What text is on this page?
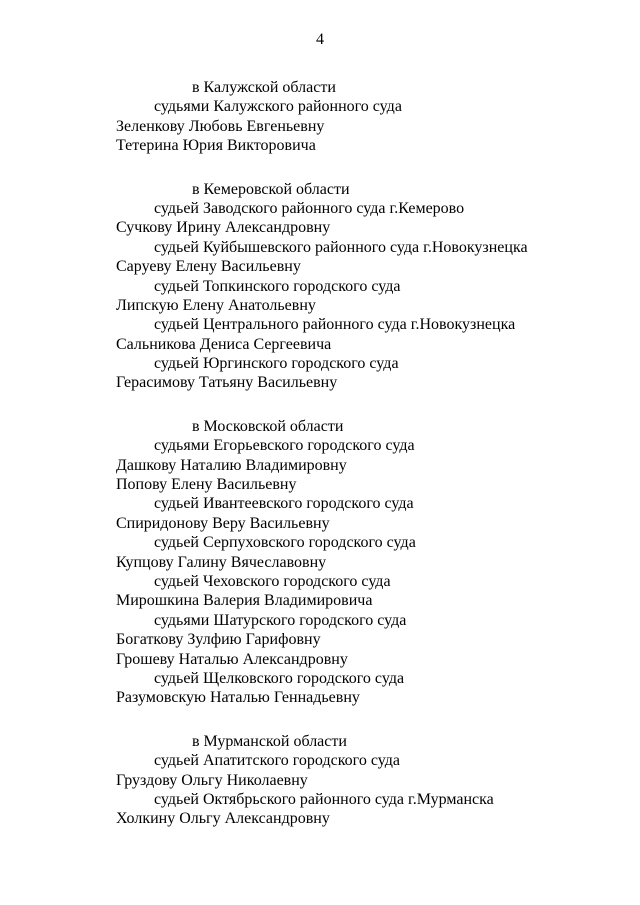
4
в Калужской области
судьями Калужского районного суда
Зеленкову Любовь Евгеньевну
Тетерина Юрия Викторовича
в Кемеровской области
судьей Заводского районного суда г.Кемерово
Сучкову Ирину Александровну
судьей Куйбышевского районного суда г.Новокузнецка
Саруеву Елену Васильевну
судьей Топкинского городского суда
Липскую Елену Анатольевну
судьей Центрального районного суда г.Новокузнецка
Сальникова Дениса Сергеевича
судьей Юргинского городского суда
Герасимову Татьяну Васильевну
в Московской области
судьями Егорьевского городского суда
Дашкову Наталию Владимировну
Попову Елену Васильевну
судьей Ивантеевского городского суда
Спиридонову Веру Васильевну
судьей Серпуховского городского суда
Купцову Галину Вячеславовну
судьей Чеховского городского суда
Мирошкина Валерия Владимировича
судьями Шатурского городского суда
Богаткову Зулфию Гарифовну
Грошеву Наталью Александровну
судьей Щелковского городского суда
Разумовскую Наталью Геннадьевну
в Мурманской области
судьей Апатитского городского суда
Груздову Ольгу Николаевну
судьей Октябрьского районного суда г.Мурманска
Холкину Ольгу Александровну
